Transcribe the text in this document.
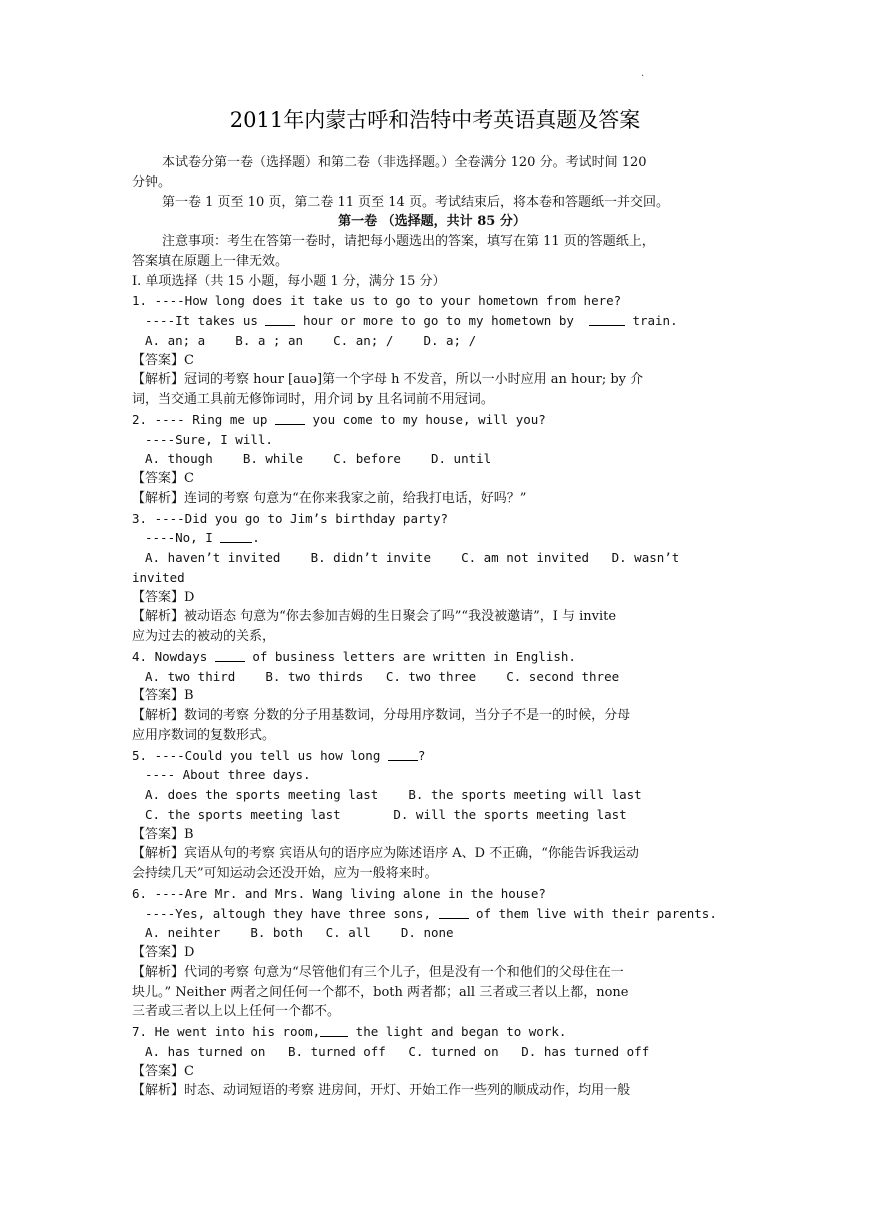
.
2011年内蒙古呼和浩特中考英语真题及答案
本试卷分第一卷（选择题）和第二卷（非选择题。）全卷满分 120 分。考试时间 120
分钟。
第一卷 1 页至 10 页，第二卷 11 页至 14 页。考试结束后，将本卷和答题纸一并交回。
第一卷 （选择题，共计 85 分）
注意事项：考生在答第一卷时，请把每小题选出的答案，填写在第 11 页的答题纸上，
答案填在原题上一律无效。
I. 单项选择（共 15 小题，每小题 1 分，满分 15 分）
1. ----How long does it take us to go to your hometown from here?
----It takes us  hour or more to go to my hometown by	train.
A. an; a    B. a ; an    C. an; /    D. a; /
【答案】C
【解析】冠词的考察 hour [auə]第一个字母 h 不发音，所以一小时应用 an hour; by 介
词，当交通工具前无修饰词时，用介词 by 且名词前不用冠词。
2. ---- Ring me up  you come to my house, will you?
----Sure, I will.
A. though    B. while    C. before    D. until
【答案】C
【解析】连词的考察 句意为“在你来我家之前，给我打电话，好吗？”
3. ----Did you go to Jim’s birthday party?
----No, I	.
A. haven’t invited    B. didn’t invite    C. am not invited   D. wasn’t
invited
【答案】D
【解析】被动语态 句意为“你去参加吉姆的生日聚会了吗”“我没被邀请”，I 与 invite
应为过去的被动的关系，
4. Nowdays  of business letters are written in English.
A. two third    B. two thirds   C. two three    C. second three
【答案】B
【解析】数词的考察 分数的分子用基数词，分母用序数词，当分子不是一的时候，分母
应用序数词的复数形式。
5. ----Could you tell us how long ?
---- About three days.
A. does the sports meeting last    B. the sports meeting will last
C. the sports meeting last       D. will the sports meeting last
【答案】B
【解析】宾语从句的考察 宾语从句的语序应为陈述语序 A、D 不正确，“你能告诉我运动
会持续几天”可知运动会还没开始，应为一般将来时。
6. ----Are Mr. and Mrs. Wang living alone in the house?
----Yes, altough they have three sons,  of them live with their parents.
A. neihter    B. both   C. all    D. none
【答案】D
【解析】代词的考察 句意为“尽管他们有三个儿子，但是没有一个和他们的父母住在一
块儿。” Neither 两者之间任何一个都不，both 两者都；all 三者或三者以上都，none
三者或三者以上以上任何一个都不。
7. He went into his room, the light and began to work.
A. has turned on   B. turned off   C. turned on   D. has turned off
【答案】C
【解析】时态、动词短语的考察 进房间，开灯、开始工作一些列的顺成动作，均用一般
